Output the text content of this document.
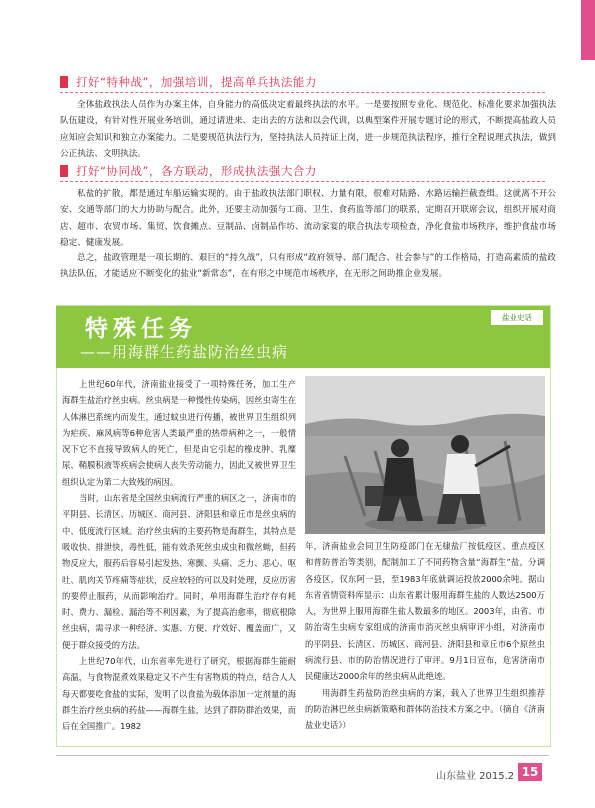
打好“特种战”，加强培训，提高单兵执法能力

全体盐政执法人员作为办案主体，自身能力的高低决定着最终执法的水平。一是要按照专业化、规范化、标准化要求加强执法队伍建设，有针对性开展业务培训，通过请进来、走出去的方法和以会代训，以典型案件开展专题讨论的形式，不断提高盐政人员应知应会知识和独立办案能力。二是要规范执法行为，坚持执法人员持证上岗，进一步规范执法程序，推行全程说理式执法，做到公正执法、文明执法。

打好“协同战”，各方联动，形成执法强大合力

私盐的扩散，都是通过车船运输实现的。由于盐政执法部门职权、力量有限，很难对陆路、水路运输拦截查缉。这就离不开公安、交通等部门的大力协助与配合。此外，还要主动加强与工商、卫生、食药监等部门的联系，定期召开联席会议，组织开展对商店、超市、农贸市场、集贸、饮食摊点、豆制品、卤制品作坊、流动家宴的联合执法专项检查，净化食盐市场秩序，维护食盐市场稳定、健康发展。

总之，盐政管理是一项长期的、艰巨的“持久战”，只有形成“政府领导、部门配合、社会参与”的工作格局，打造高素质的盐政执法队伍，才能适应不断变化的盐业“新常态”，在有形之中规范市场秩序，在无形之间助推企业发展。

特殊任务
——用海群生药盐防治丝虫病
盐业史话

上世纪60年代，济南盐业接受了一项特殊任务，加工生产海群生盐治疗丝虫病。丝虫病是一种慢性传染病，因丝虫寄生在人体淋巴系统内而发生，通过蚊虫进行传播，被世界卫生组织列为疟疾、麻风病等6种危害人类最严重的热带病种之一，一般情况下它不直接导致病人的死亡，但是由它引起的橡皮肿、乳糜尿、鞘膜积液等疾病会使病人丧失劳动能力，因此又被世界卫生组织认定为第二大致残的病因。

当时，山东省是全国丝虫病流行严重的病区之一，济南市的平阴县、长清区、历城区、商河县、济阳县和章丘市是丝虫病的中、低度流行区域。治疗丝虫病的主要药物是海群生，其特点是吸收快、排泄快，毒性低，能有效杀死丝虫成虫和微丝蚴，但药物反应大，服药后容易引起发热、寒颤、头痛、乏力、恶心、呕吐、肌肉关节疼痛等症状，反应较轻的可以及时处理，反应历害的要停止服药，从而影响治疗。同时，单用海群生治疗存有耗时、费力、漏检、漏治等不利因素，为了提高治愈率，彻底根除丝虫病，需寻求一种经济、实惠、方便、疗效好、覆盖面广，又便于群众接受的方法。

上世纪70年代，山东省率先进行了研究，根据海群生能耐高温，与食物混煮效果稳定又不产生有害物质的特点，结合人人每天都要吃食盐的实际，发明了以食盐为载体添加一定剂量的海群生治疗丝虫病的药盐——海群生盐，达到了群防群治效果，而后在全国推广。1982

年，济南盐业会同卫生防疫部门在无棣盐厂按低疫区、重点疫区和普防普治等类别，配制加工了不同药物含量“海群生”盐，分调各疫区，仅东阿一县，至1983年底就调运投放2000余吨。据山东省省情资料库显示：山东省累计服用海群生盐的人数达2500万人，为世界上服用海群生盐人数最多的地区。2003年，由省、市防治寄生虫病专家组成的济南市消灭丝虫病审评小组，对济南市的平阴县、长清区、历城区、商河县、济阳县和章丘市6个原丝虫病流行县、市的防治情况进行了审评。9月1日宣布，危害济南市民健康达2000余年的丝虫病从此绝迹。

用海群生药盐防治丝虫病的方案，载入了世界卫生组织推荐的防治淋巴丝虫病新策略和群体防治技术方案之中。（摘自《济南盐业史话》）

山东盐业 2015.2 15
